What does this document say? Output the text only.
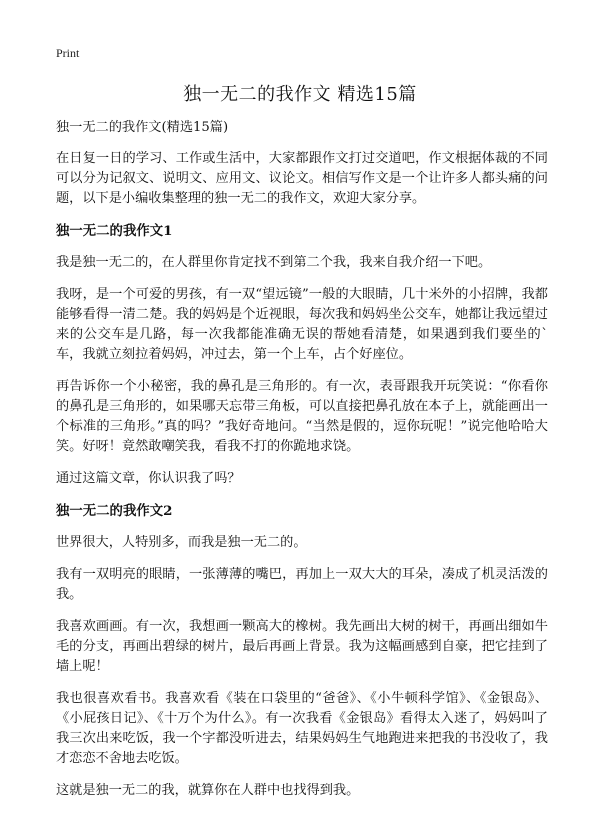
Print
独一无二的我作文 精选15篇

独一无二的我作文(精选15篇)

在日复一日的学习、工作或生活中，大家都跟作文打过交道吧，作文根据体裁的不同可以分为记叙文、说明文、应用文、议论文。相信写作文是一个让许多人都头痛的问题，以下是小编收集整理的独一无二的我作文，欢迎大家分享。

独一无二的我作文1

我是独一无二的，在人群里你肯定找不到第二个我，我来自我介绍一下吧。

我呀，是一个可爱的男孩，有一双“望远镜”一般的大眼睛，几十米外的小招牌，我都能够看得一清二楚。我的妈妈是个近视眼，每次我和妈妈坐公交车，她都让我远望过来的公交车是几路，每一次我都能准确无误的帮她看清楚，如果遇到我们要坐的`车，我就立刻拉着妈妈，冲过去，第一个上车，占个好座位。

再告诉你一个小秘密，我的鼻孔是三角形的。有一次，表哥跟我开玩笑说：“你看你的鼻孔是三角形的，如果哪天忘带三角板，可以直接把鼻孔放在本子上，就能画出一个标准的三角形。”真的吗？”我好奇地问。“当然是假的，逗你玩呢！”说完他哈哈大笑。好呀！竟然敢嘲笑我，看我不打的你跪地求饶。

通过这篇文章，你认识我了吗？

独一无二的我作文2

世界很大，人特别多，而我是独一无二的。

我有一双明亮的眼睛，一张薄薄的嘴巴，再加上一双大大的耳朵，凑成了机灵活泼的我。

我喜欢画画。有一次，我想画一颗高大的橡树。我先画出大树的树干，再画出细如牛毛的分支，再画出碧绿的树片，最后再画上背景。我为这幅画感到自豪，把它挂到了墙上呢！

我也很喜欢看书。我喜欢看《装在口袋里的“爸爸》、《小牛顿科学馆》、《金银岛》、《小屁孩日记》、《十万个为什么》。有一次我看《金银岛》看得太入迷了，妈妈叫了我三次出来吃饭，我一个字都没听进去，结果妈妈生气地跑进来把我的书没收了，我才恋恋不舍地去吃饭。

这就是独一无二的我，就算你在人群中也找得到我。
